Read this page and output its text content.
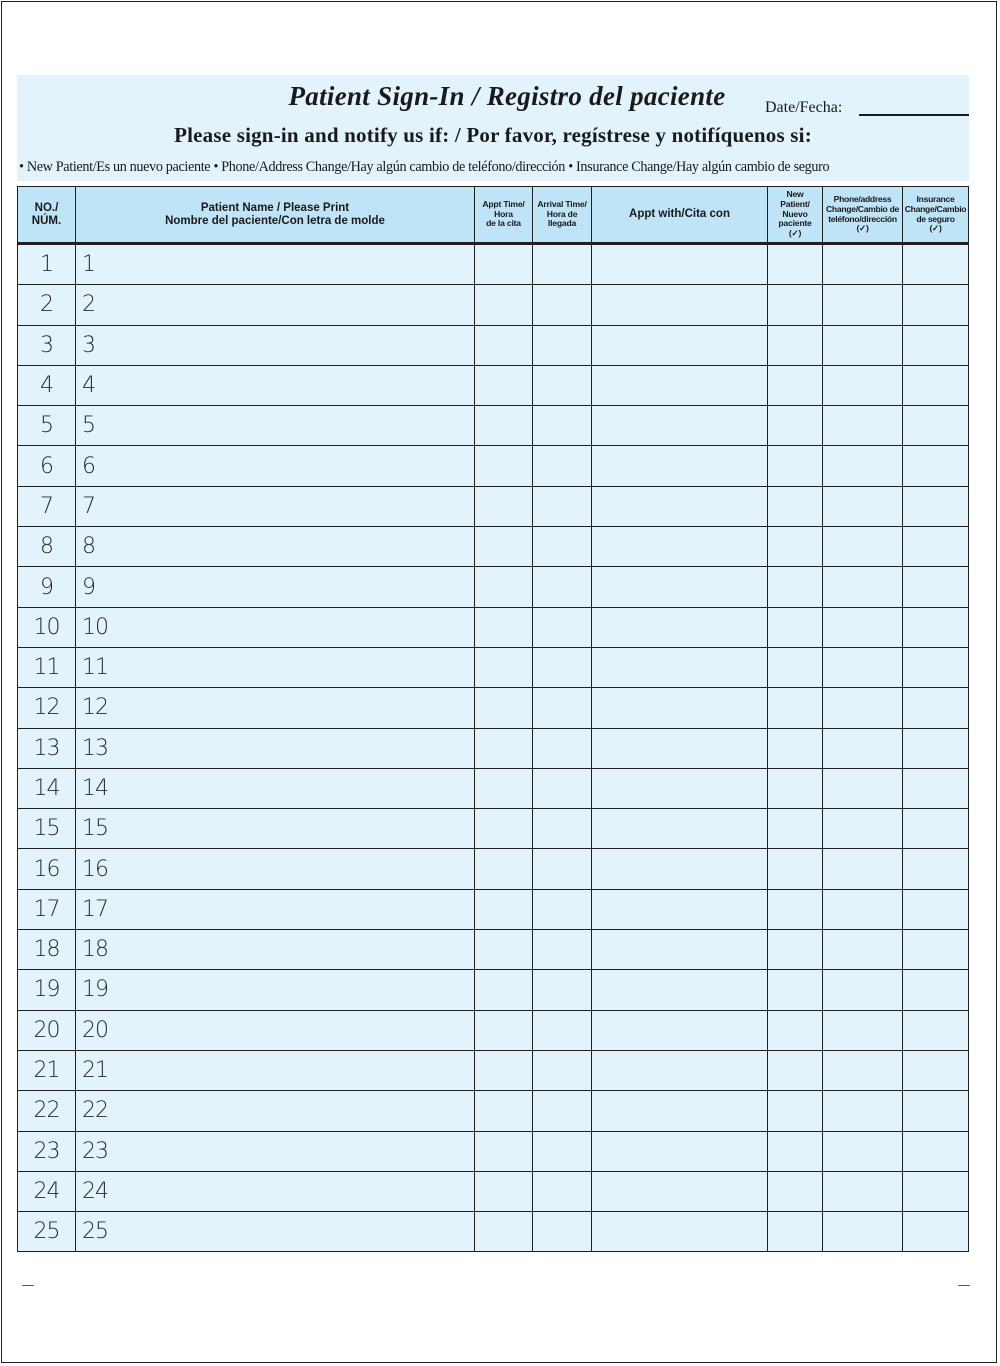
Patient Sign-In / Registro del paciente	Date/Fecha:
Please sign-in and notify us if: / Por favor, regístrese y notifíquenos si:
• New Patient/Es un nuevo paciente • Phone/Address Change/Hay algún cambio de teléfono/dirección • Insurance Change/Hay algún cambio de seguro
NO./
NÚM.	Patient Name / Please Print
Nombre del paciente/Con letra de molde	Appt Time/
Hora
de la cita	Arrival Time/
Hora de
llegada	Appt with/Cita con	New
Patient/
Nuevo
paciente
(✓)	Phone/address
Change/Cambio de
teléfono/dirección
(✓)	Insurance
Change/Cambio
de seguro
(✓)
1	1						
2	2						
3	3						
4	4						
5	5						
6	6						
7	7						
8	8						
9	9						
10	10						
11	11						
12	12						
13	13						
14	14						
15	15						
16	16						
17	17						
18	18						
19	19						
20	20						
21	21						
22	22						
23	23						
24	24						
25	25						
